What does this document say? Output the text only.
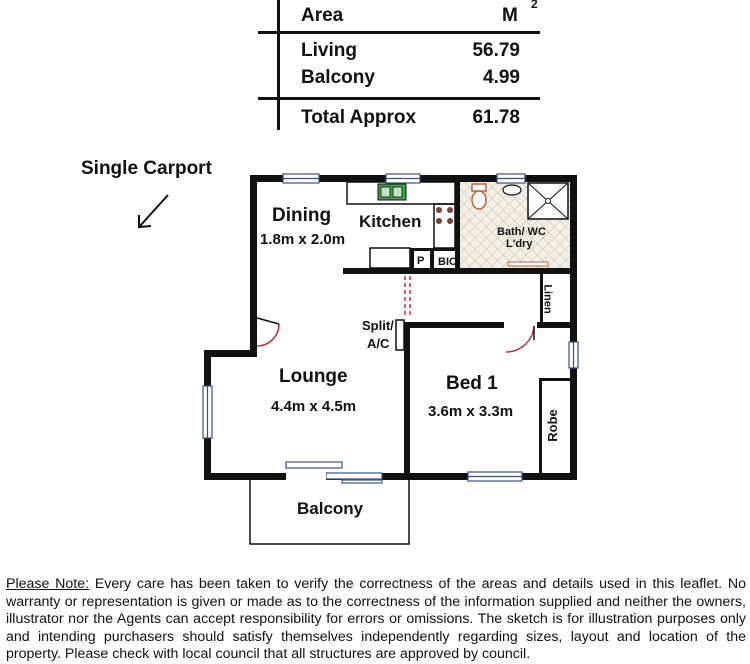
Area	M
2
Living	56.79
Balcony	4.99
Total Approx	61.78
Single Carport
Dining
1.8m x 2.0m
Kitchen
Bath/ WC
L'dry
P BIC
Linen
Split/
A/C
Lounge
4.4m x 4.5m
Bed 1
3.6m x 3.3m Robe
Balcony
Please Note: Every care has been taken to verify the correctness of the areas and details used in this leaflet. No warranty or representation is given or made as to the correctness of the information supplied and neither the owners, illustrator nor the Agents can accept responsibility for errors or omissions. The sketch is for illustration purposes only and intending purchasers should satisfy themselves independently regarding sizes, layout and location of the property. Please check with local council that all structures are approved by council.
